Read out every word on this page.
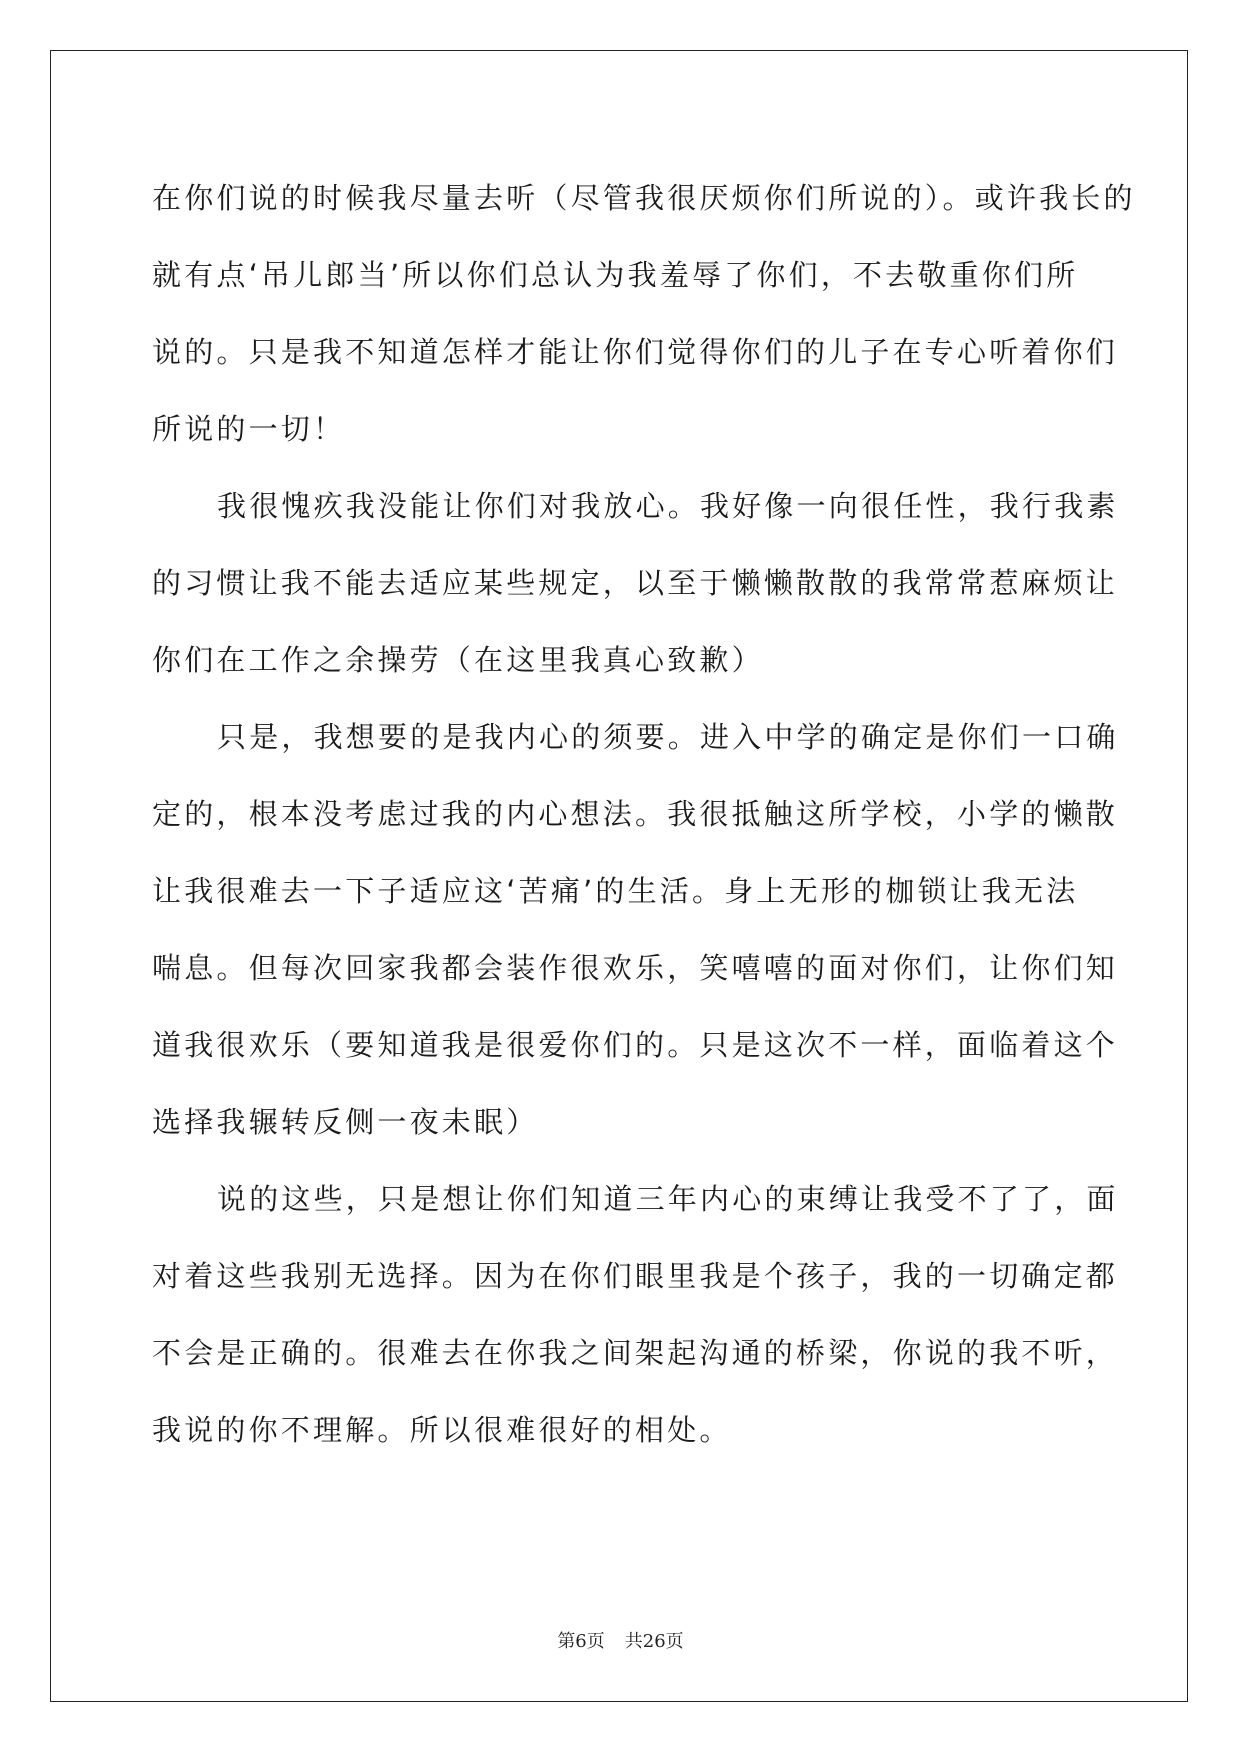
在你们说的时候我尽量去听（尽管我很厌烦你们所说的）。或许我长的
就有点‘吊儿郎当’所以你们总认为我羞辱了你们，不去敬重你们所
说的。只是我不知道怎样才能让你们觉得你们的儿子在专心听着你们
所说的一切！
我很愧疚我没能让你们对我放心。我好像一向很任性，我行我素
的习惯让我不能去适应某些规定，以至于懒懒散散的我常常惹麻烦让
你们在工作之余操劳（在这里我真心致歉）
只是，我想要的是我内心的须要。进入中学的确定是你们一口确
定的，根本没考虑过我的内心想法。我很抵触这所学校，小学的懒散
让我很难去一下子适应这‘苦痛’的生活。身上无形的枷锁让我无法
喘息。但每次回家我都会装作很欢乐，笑嘻嘻的面对你们，让你们知
道我很欢乐（要知道我是很爱你们的。只是这次不一样，面临着这个
选择我辗转反侧一夜未眠）
说的这些，只是想让你们知道三年内心的束缚让我受不了了，面
对着这些我别无选择。因为在你们眼里我是个孩子，我的一切确定都
不会是正确的。很难去在你我之间架起沟通的桥梁，你说的我不听，
我说的你不理解。所以很难很好的相处。
第6页 共26页
